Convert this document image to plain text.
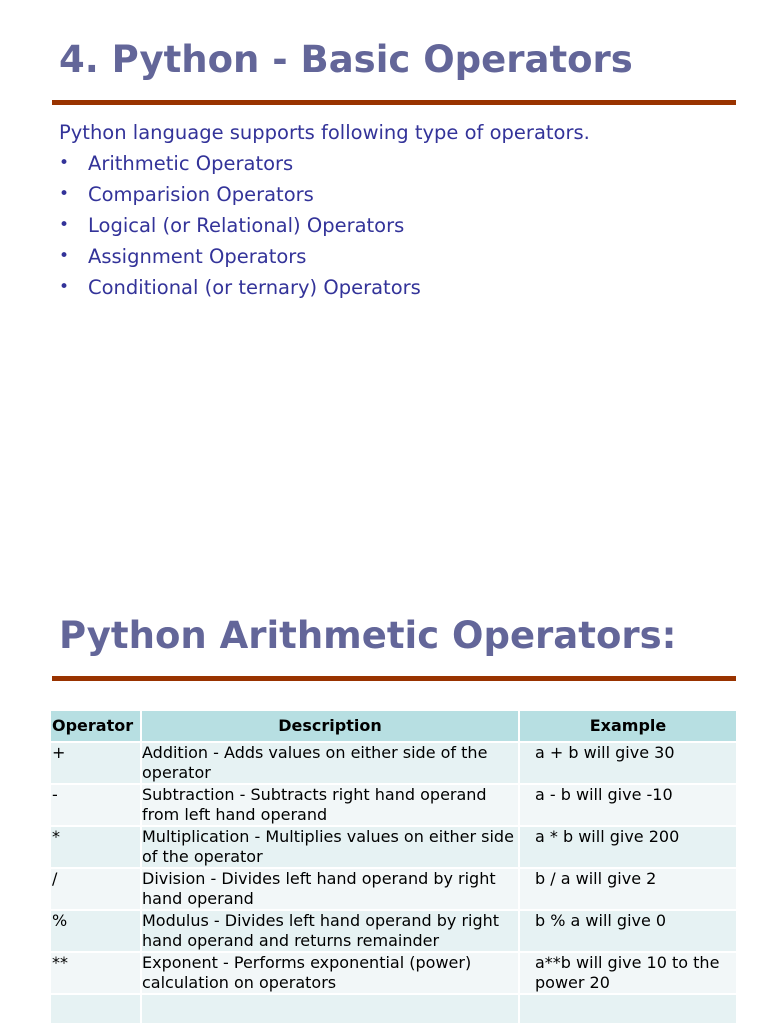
4. Python - Basic Operators

Python language supports following type of operators.

• Arithmetic Operators
• Comparision Operators
• Logical (or Relational) Operators
• Assignment Operators
• Conditional (or ternary) Operators
Python Arithmetic Operators:
Operator	Description	Example
+	Addition - Adds values on either side of the operator	a + b will give 30
-	Subtraction - Subtracts right hand operand from left hand operand	a - b will give -10
*	Multiplication - Multiplies values on either side of the operator	a * b will give 200
/	Division - Divides left hand operand by right hand operand	b / a will give 2
%	Modulus - Divides left hand operand by right hand operand and returns remainder	b % a will give 0
**	Exponent - Performs exponential (power) calculation on operators	a**b will give 10 to the power 20
